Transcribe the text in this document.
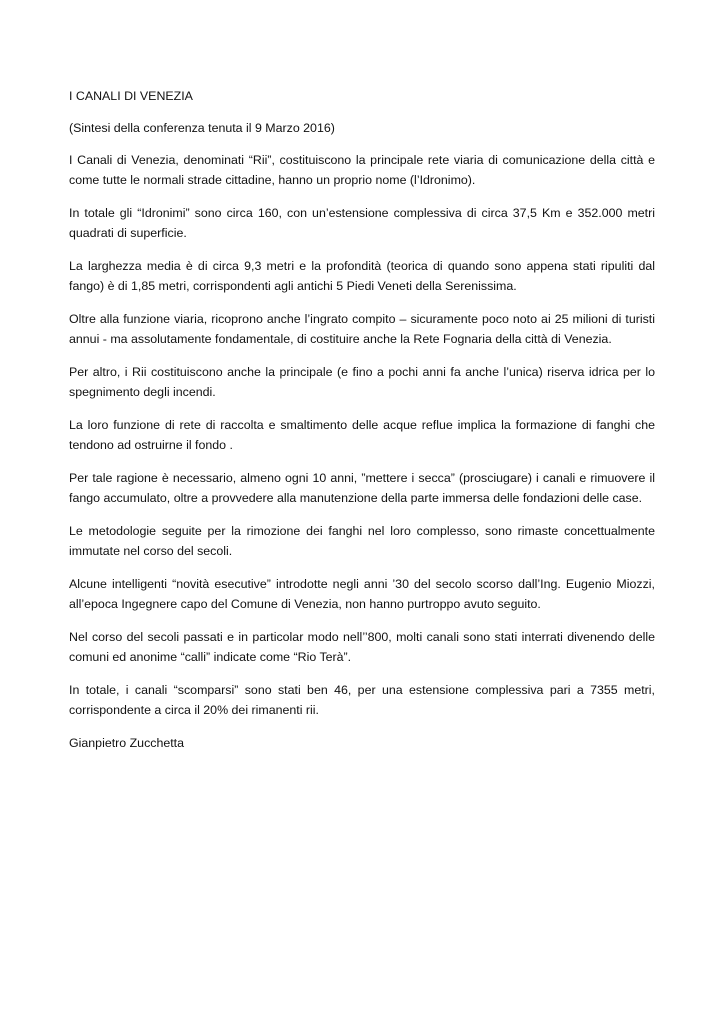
I CANALI DI VENEZIA

(Sintesi della conferenza tenuta il 9 Marzo 2016)

I Canali di Venezia, denominati “Rii”, costituiscono la principale rete viaria di comunicazione della città e come tutte le normali strade cittadine, hanno un proprio nome (l’Idronimo).

In totale gli “Idronimi” sono circa 160, con un’estensione complessiva di circa 37,5 Km e 352.000 metri quadrati di superficie.

La larghezza media è di circa 9,3 metri e la profondità (teorica di quando sono appena stati ripuliti dal fango) è di 1,85 metri, corrispondenti agli antichi 5 Piedi Veneti della Serenissima.

Oltre alla funzione viaria, ricoprono anche l’ingrato compito – sicuramente poco noto ai 25 milioni di turisti annui - ma assolutamente fondamentale, di costituire anche la Rete Fognaria della città di Venezia.

Per altro, i Rii costituiscono anche la principale (e fino a pochi anni fa anche l’unica) riserva idrica per lo spegnimento degli incendi.

La loro funzione di rete di raccolta e smaltimento delle acque reflue implica la formazione di fanghi che tendono ad ostruirne il fondo .

Per tale ragione è necessario, almeno ogni 10 anni, ”mettere i secca” (prosciugare) i canali e rimuovere il fango accumulato, oltre a provvedere alla manutenzione della parte immersa delle fondazioni delle case.

Le metodologie seguite per la rimozione dei fanghi nel loro complesso, sono rimaste concettualmente immutate nel corso del secoli.

Alcune intelligenti “novità esecutive” introdotte negli anni ’30 del secolo scorso dall’Ing. Eugenio Miozzi, all’epoca Ingegnere capo del Comune di Venezia, non hanno purtroppo avuto seguito.

Nel corso del secoli passati e in particolar modo nell’’800, molti canali sono stati interrati divenendo delle comuni ed anonime “calli” indicate come “Rio Terà”.

In totale, i canali “scomparsi” sono stati ben 46, per una estensione complessiva pari a 7355 metri, corrispondente a circa il 20% dei rimanenti rii.

Gianpietro Zucchetta
